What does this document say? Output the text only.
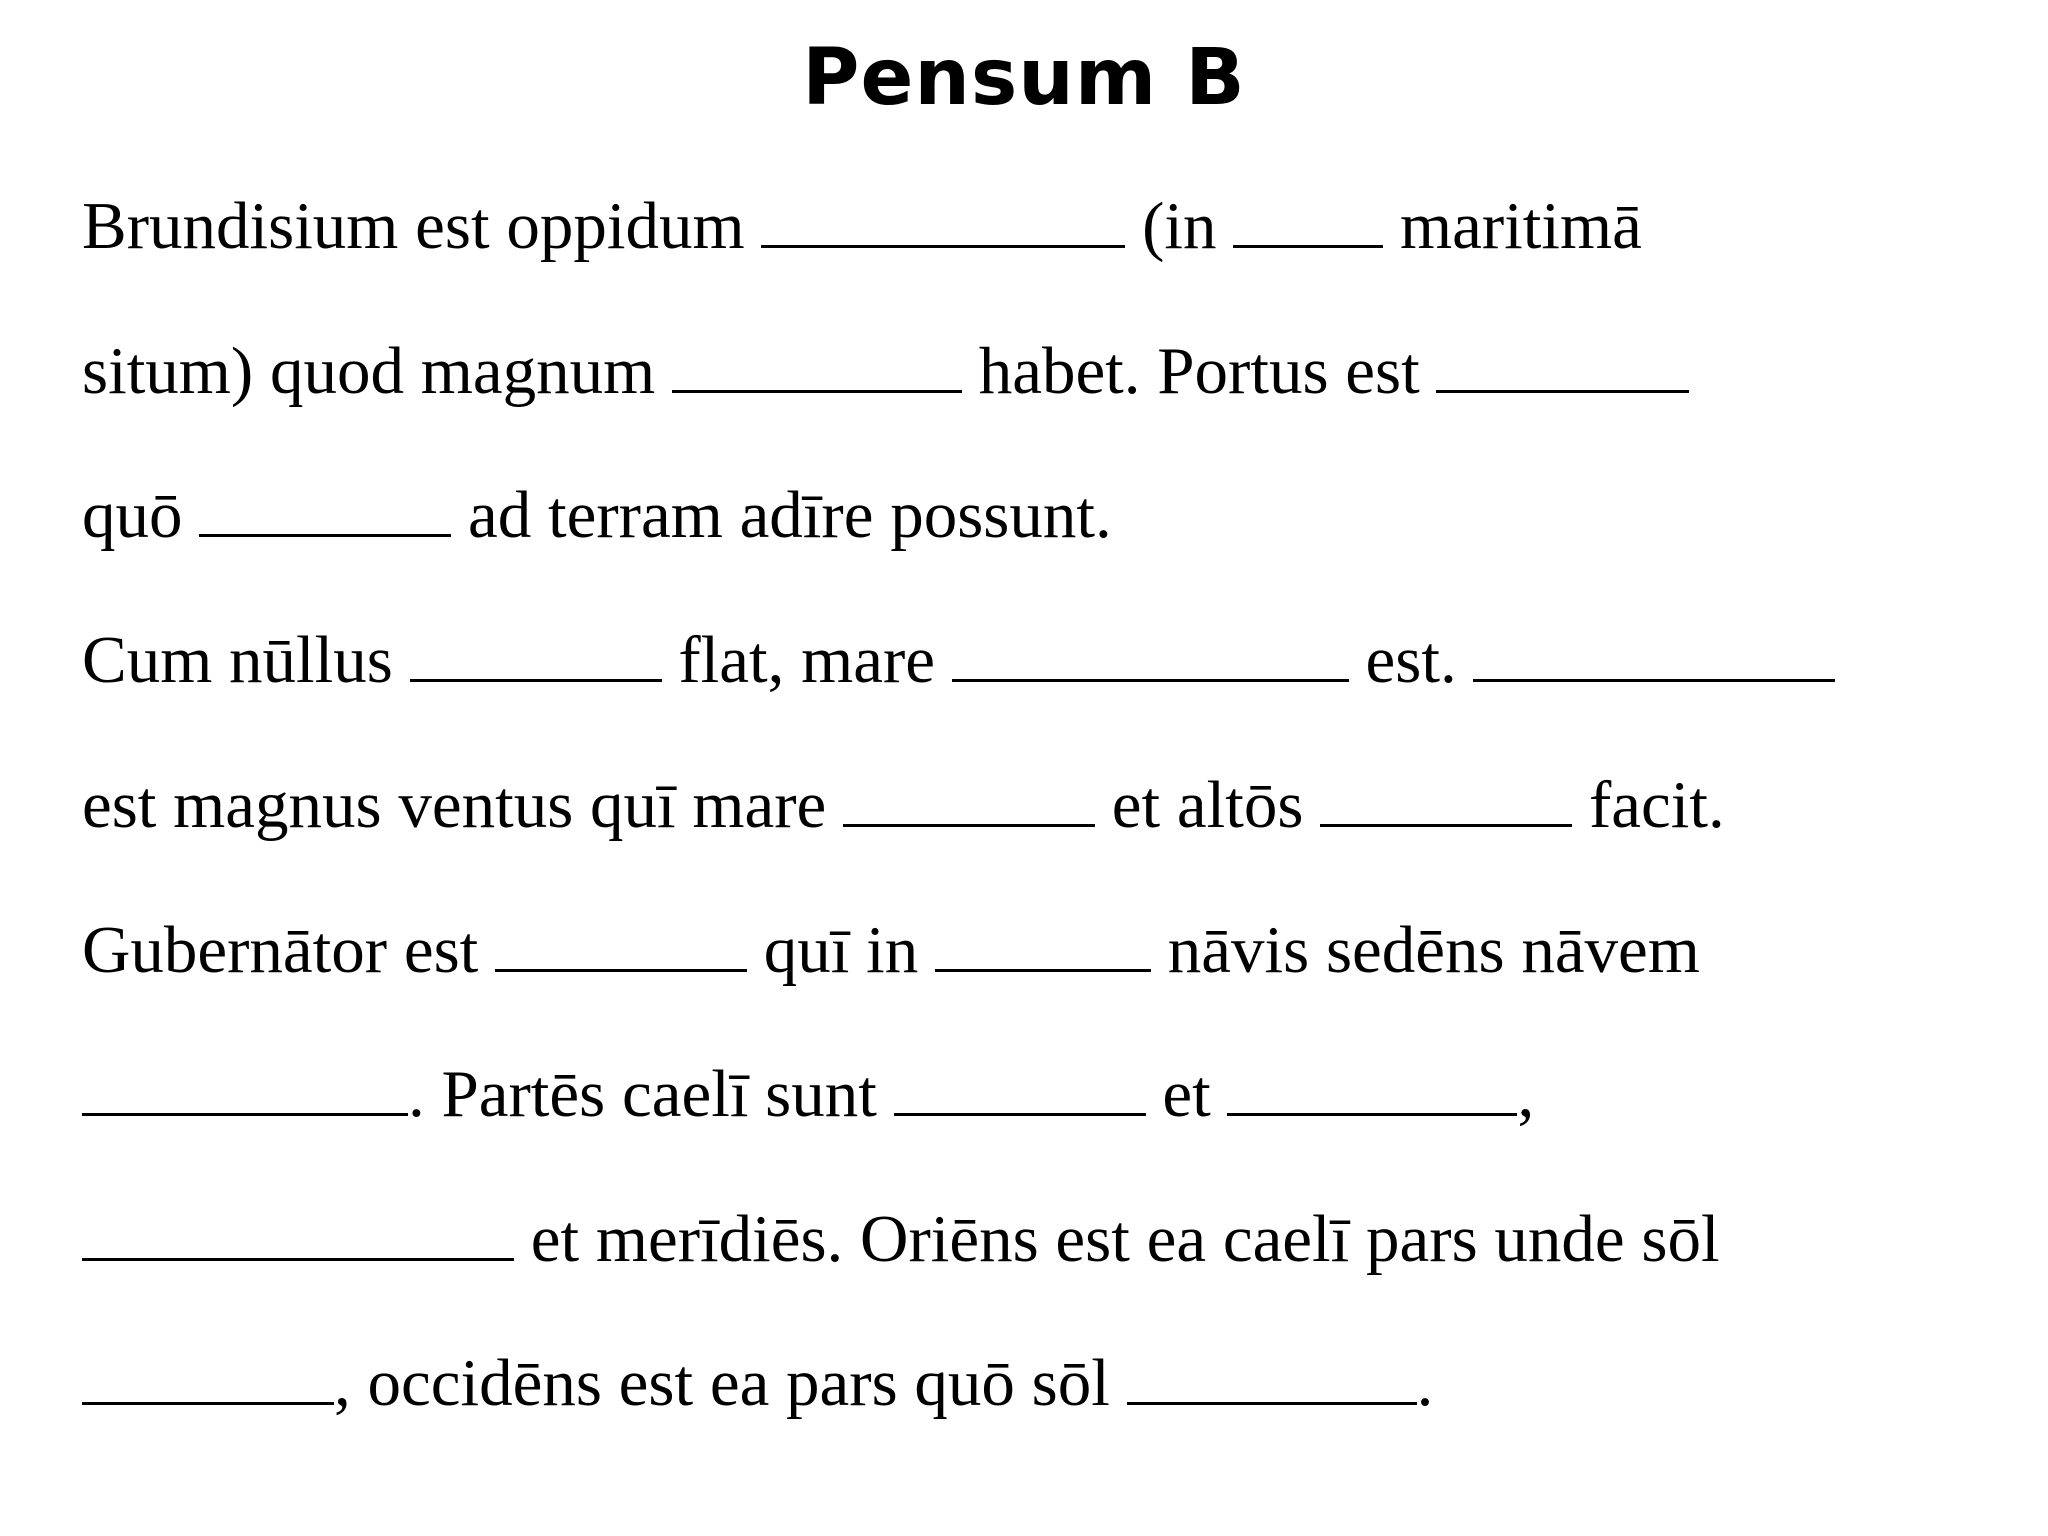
Pensum B
Brundisium est oppidum	(in  maritimā
situm) quod magnum	habet. Portus est
quō	ad terram adīre possunt.
Cum nūllus	flat, mare	est.
est magnus ventus quī mare	et altōs	facit.
Gubernātor est	quī in	nāvis sedēns nāvem
. Partēs caelī sunt	et	,
et merīdiēs. Oriēns est ea caelī pars unde sōl
, occidēns est ea pars quō sōl	.
